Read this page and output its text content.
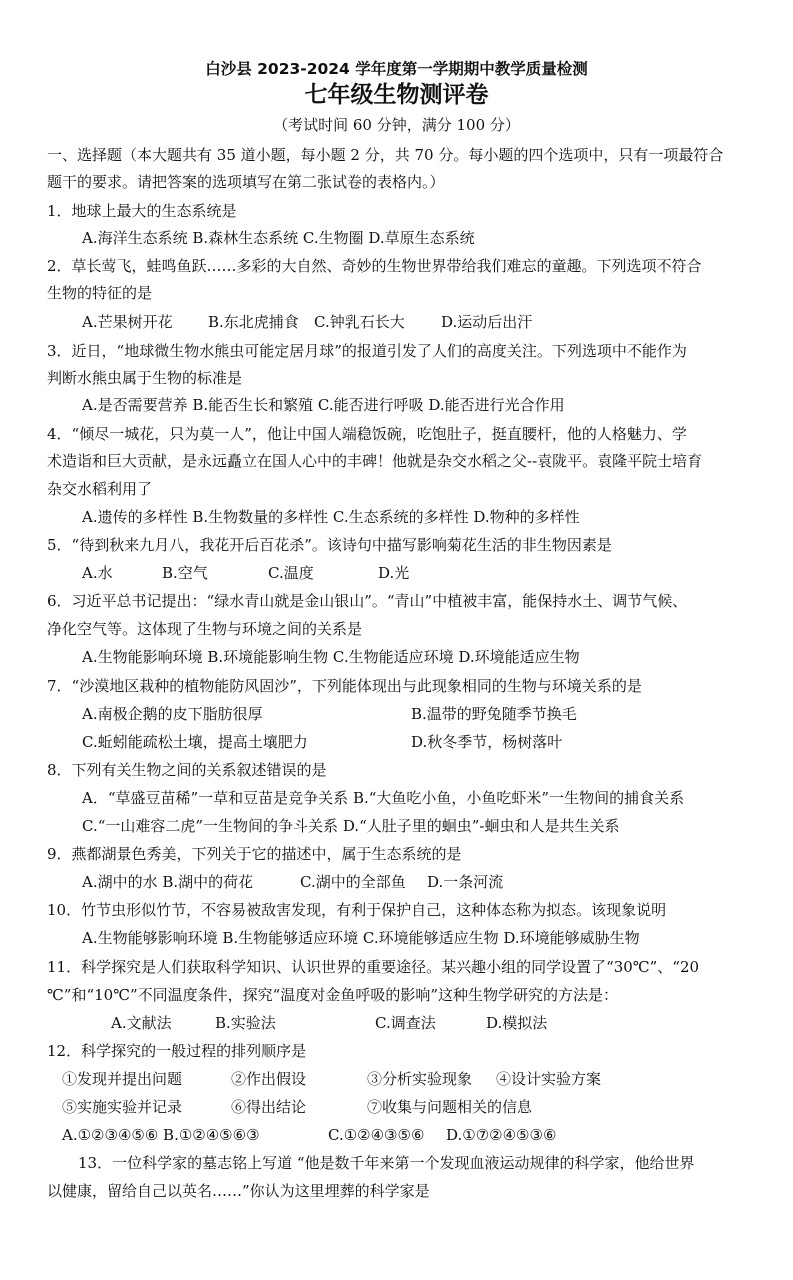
白沙县 2023-2024 学年度第一学期期中教学质量检测
七年级生物测评卷
（考试时间 60 分钟，满分 100 分）
一、选择题（本大题共有 35 道小题，每小题 2 分，共 70 分。每小题的四个选项中，只有一项最符合
题干的要求。请把答案的选项填写在第二张试卷的表格内。）
1．地球上最大的生态系统是
A.海洋生态系统 B.森林生态系统 C.生物圈 D.草原生态系统
2．草长莺飞，蛙鸣鱼跃……多彩的大自然、奇妙的生物世界带给我们难忘的童趣。下列选项不符合
生物的特征的是
A.芒果树开花 B.东北虎捕食 C.钟乳石长大 D.运动后出汗
3．近日，“地球微生物水熊虫可能定居月球”的报道引发了人们的高度关注。下列选项中不能作为
判断水熊虫属于生物的标准是
A.是否需要营养 B.能否生长和繁殖 C.能否进行呼吸 D.能否进行光合作用
4．“倾尽一城花，只为莫一人”，他让中国人端稳饭碗，吃饱肚子，挺直腰杆，他的人格魅力、学
术造诣和巨大贡献，是永远矗立在国人心中的丰碑！他就是杂交水稻之父--袁陇平。袁隆平院士培育
杂交水稻利用了
A.遗传的多样性 B.生物数量的多样性 C.生态系统的多样性 D.物种的多样性
5．“待到秋来九月八，我花开后百花杀”。该诗句中描写影响菊花生活的非生物因素是
A.水	B.空气	C.温度	D.光
6．习近平总书记提出：“绿水青山就是金山银山”。“青山”中植被丰富，能保持水土、调节气候、
净化空气等。这体现了生物与环境之间的关系是
A.生物能影响环境 B.环境能影响生物 C.生物能适应环境 D.环境能适应生物
7．“沙漠地区栽种的植物能防风固沙”，下列能体现出与此现象相同的生物与环境关系的是
A.南极企鹅的皮下脂肪很厚	B.温带的野兔随季节换毛
C.蚯蚓能疏松土壤，提高土壤肥力	D.秋冬季节，杨树落叶
8．下列有关生物之间的关系叙述错误的是
A．“草盛豆苗稀”一草和豆苗是竞争关系 B.“大鱼吃小鱼，小鱼吃虾米”一生物间的捕食关系
C.“一山难容二虎”一生物间的争斗关系 D.“人肚子里的蛔虫”-蛔虫和人是共生关系
9．燕都湖景色秀美，下列关于它的描述中，属于生态系统的是
A.湖中的水 B.湖中的荷花	C.湖中的全部鱼 D.一条河流
10．竹节虫形似竹节，不容易被敌害发现，有利于保护自己，这种体态称为拟态。该现象说明
A.生物能够影响环境 B.生物能够适应环境 C.环境能够适应生物 D.环境能够威胁生物
11．科学探究是人们获取科学知识、认识世界的重要途径。某兴趣小组的同学设置了“30℃”、“20
℃”和“10℃”不同温度条件，探究“温度对金鱼呼吸的影响”这种生物学研究的方法是：
A.文献法	B.实验法	C.调查法	D.模拟法
12．科学探究的一般过程的排列顺序是
①发现并提出问题	②作出假设	③分析实验现象 ④设计实验方案
⑤实施实验并记录	⑥得出结论	⑦收集与问题相关的信息
A.①②③④⑤⑥ B.①②④⑤⑥③	C.①②④③⑤⑥ D.①⑦②④⑤③⑥
13．一位科学家的墓志铭上写道 “他是数千年来第一个发现血液运动规律的科学家，他给世界
以健康，留给自己以英名……”你认为这里埋葬的科学家是
